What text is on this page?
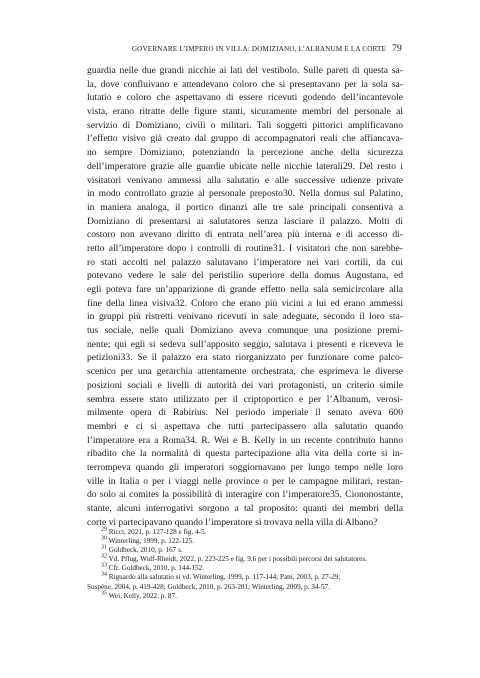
GOVERNARE L’IMPERO IN VILLA: DOMIZIANO, L’ALBANUM E LA CORTE 79
guardia nelle due grandi nicchie ai lati del vestibolo. Sulle pareti di questa sa-
la, dove confluivano e attendevano coloro che si presentavano per la sola sa-
lutatio e coloro che aspettavano di essere ricevuti godendo dell’incantevole
vista, erano ritratte delle figure stanti, sicuramente membri del personale al
servizio di Domiziano, civili o militari. Tali soggetti pittorici amplificavano
l’effetto visivo già creato dal gruppo di accompagnatori reali che affiancava-
no sempre Domiziano, potenziando la percezione anche della sicurezza
dell’imperatore grazie alle guardie ubicate nelle nicchie laterali29. Del resto i
visitatori venivano ammessi alla salutatio e alle successive udienze private
in modo controllato grazie al personale preposto30. Nella domus sul Palatino,
in maniera analoga, il portico dinanzi alle tre sale principali consentiva a
Domiziano di presentarsi ai salutatores senza lasciare il palazzo. Molti di
costoro non avevano diritto di entrata nell’area più interna e di accesso di-
retto all’imperatore dopo i controlli di routine31. I visitatori che non sarebbe-
ro stati accolti nel palazzo salutavano l’imperatore nei vari cortili, da cui
potevano vedere le sale del peristilio superiore della domus Augustana, ed
egli poteva fare un’apparizione di grande effetto nella sala semicircolare alla
fine della linea visiva32. Coloro che erano più vicini a lui ed erano ammessi
in gruppi più ristretti venivano ricevuti in sale adeguate, secondo il loro sta-
tus sociale, nelle quali Domiziano aveva comunque una posizione premi-
nente; qui egli si sedeva sull’apposito seggio, salutava i presenti e riceveva le
petizioni33. Se il palazzo era stato riorganizzato per funzionare come palco-
scenico per una gerarchia attentamente orchestrata, che esprimeva le diverse
posizioni sociali e livelli di autorità dei vari protagonisti, un criterio simile
sembra essere stato utilizzato per il criptoportico e per l’Albanum, verosi-
milmente opera di Rabirius. Nel periodo imperiale il senato aveva 600
membri e ci si aspettava che tutti partecipassero alla salutatio quando
l’imperatore era a Roma34. R. Wei e B. Kelly in un recente contributo hanno
ribadito che la normalità di questa partecipazione alla vita della corte si in-
terrompeva quando gli imperatori soggiornavano per lungo tempo nelle loro
ville in Italia o per i viaggi nelle province o per le campagne militari, restan-
do solo ai comites la possibilità di interagire con l’imperatore35. Ciononostante,
stante, alcuni interrogativi sorgono a tal proposito: quanti dei membri della
corte vi partecipavano quando l’imperatore si trovava nella villa di Albano?
$^{29}$ Ricci, 2021, p. 127-128 e fig. 4-5.
$^{30}$ Winterling, 1999, p. 122-125.
$^{31}$ Goldbeck, 2010, p. 167 s.
$^{32}$ Vd. Pflug, Wulf-Rheidt, 2022, p. 223-225 e fig. 9.6 per i possibili percorsi dei salutatores.
$^{33}$ Cfr. Goldbeck, 2010, p. 144-152.
$^{34}$ Riguardo alla salutatio si vd. Winterling, 1999, p. 117-144; Pani, 2003, p. 27-29;
Suspène, 2004, p. 419-428; Goldbeck, 2010, p. 263-281; Winterling, 2009, p. 34-57.
$^{35}$ Wei, Kelly, 2022, p. 87.
